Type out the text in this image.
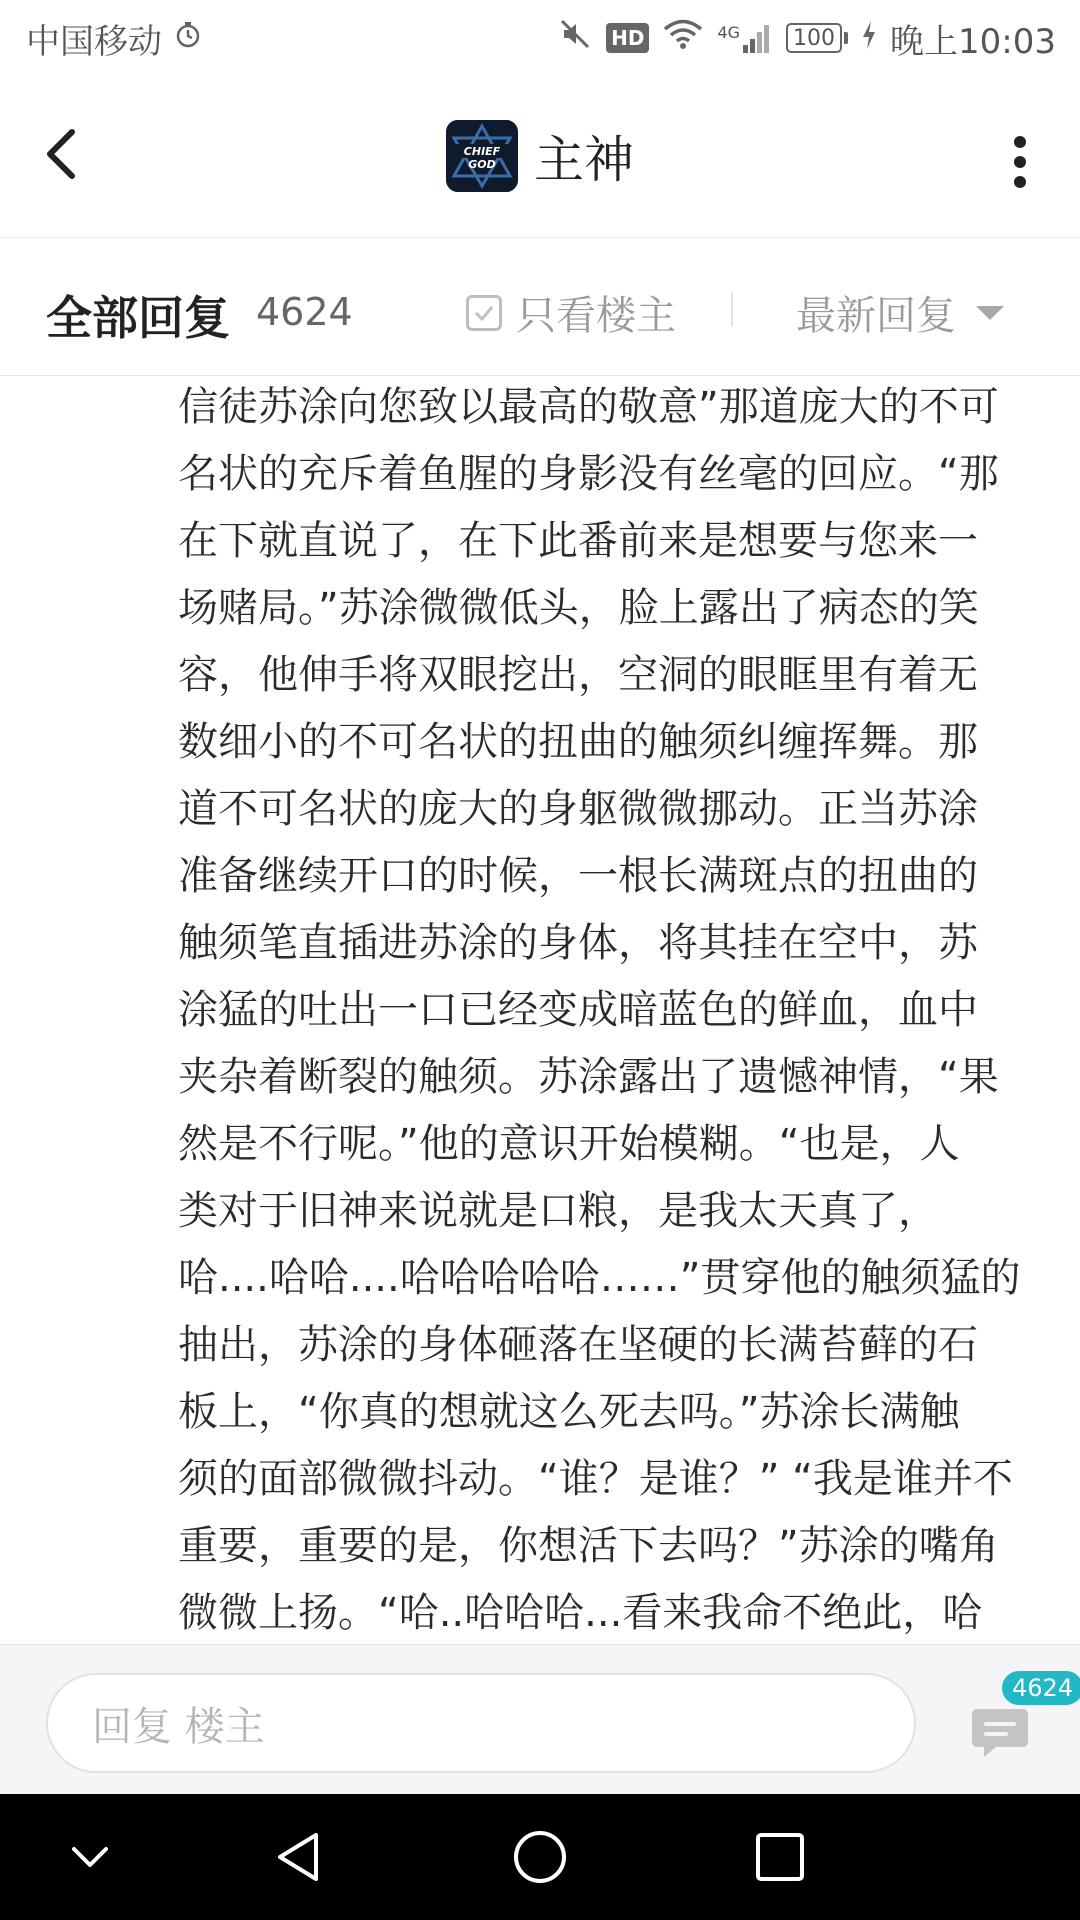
中国移动	HD	4G	100 晚上10:03
CHIEF
GOD 主神
全部回复 4624	只看楼主	最新回复
信徒苏涂向您致以最高的敬意”那道庞大的不可
名状的充斥着鱼腥的身影没有丝毫的回应。“那
在下就直说了，在下此番前来是想要与您来一
场赌局。”苏涂微微低头，脸上露出了病态的笑
容，他伸手将双眼挖出，空洞的眼眶里有着无
数细小的不可名状的扭曲的触须纠缠挥舞。那
道不可名状的庞大的身躯微微挪动。正当苏涂
准备继续开口的时候，一根长满斑点的扭曲的
触须笔直插进苏涂的身体，将其挂在空中，苏
涂猛的吐出一口已经变成暗蓝色的鲜血，血中
夹杂着断裂的触须。苏涂露出了遗憾神情，“果
然是不行呢。”他的意识开始模糊。“也是，人
类对于旧神来说就是口粮，是我太天真了，
哈....哈哈....哈哈哈哈哈……”贯穿他的触须猛的
抽出，苏涂的身体砸落在坚硬的长满苔藓的石
板上，“你真的想就这么死去吗。”苏涂长满触
须的面部微微抖动。“谁？是谁？” “我是谁并不
重要，重要的是，你想活下去吗？”苏涂的嘴角
微微上扬。“哈..哈哈哈...看来我命不绝此，哈
回复 楼主
4624
